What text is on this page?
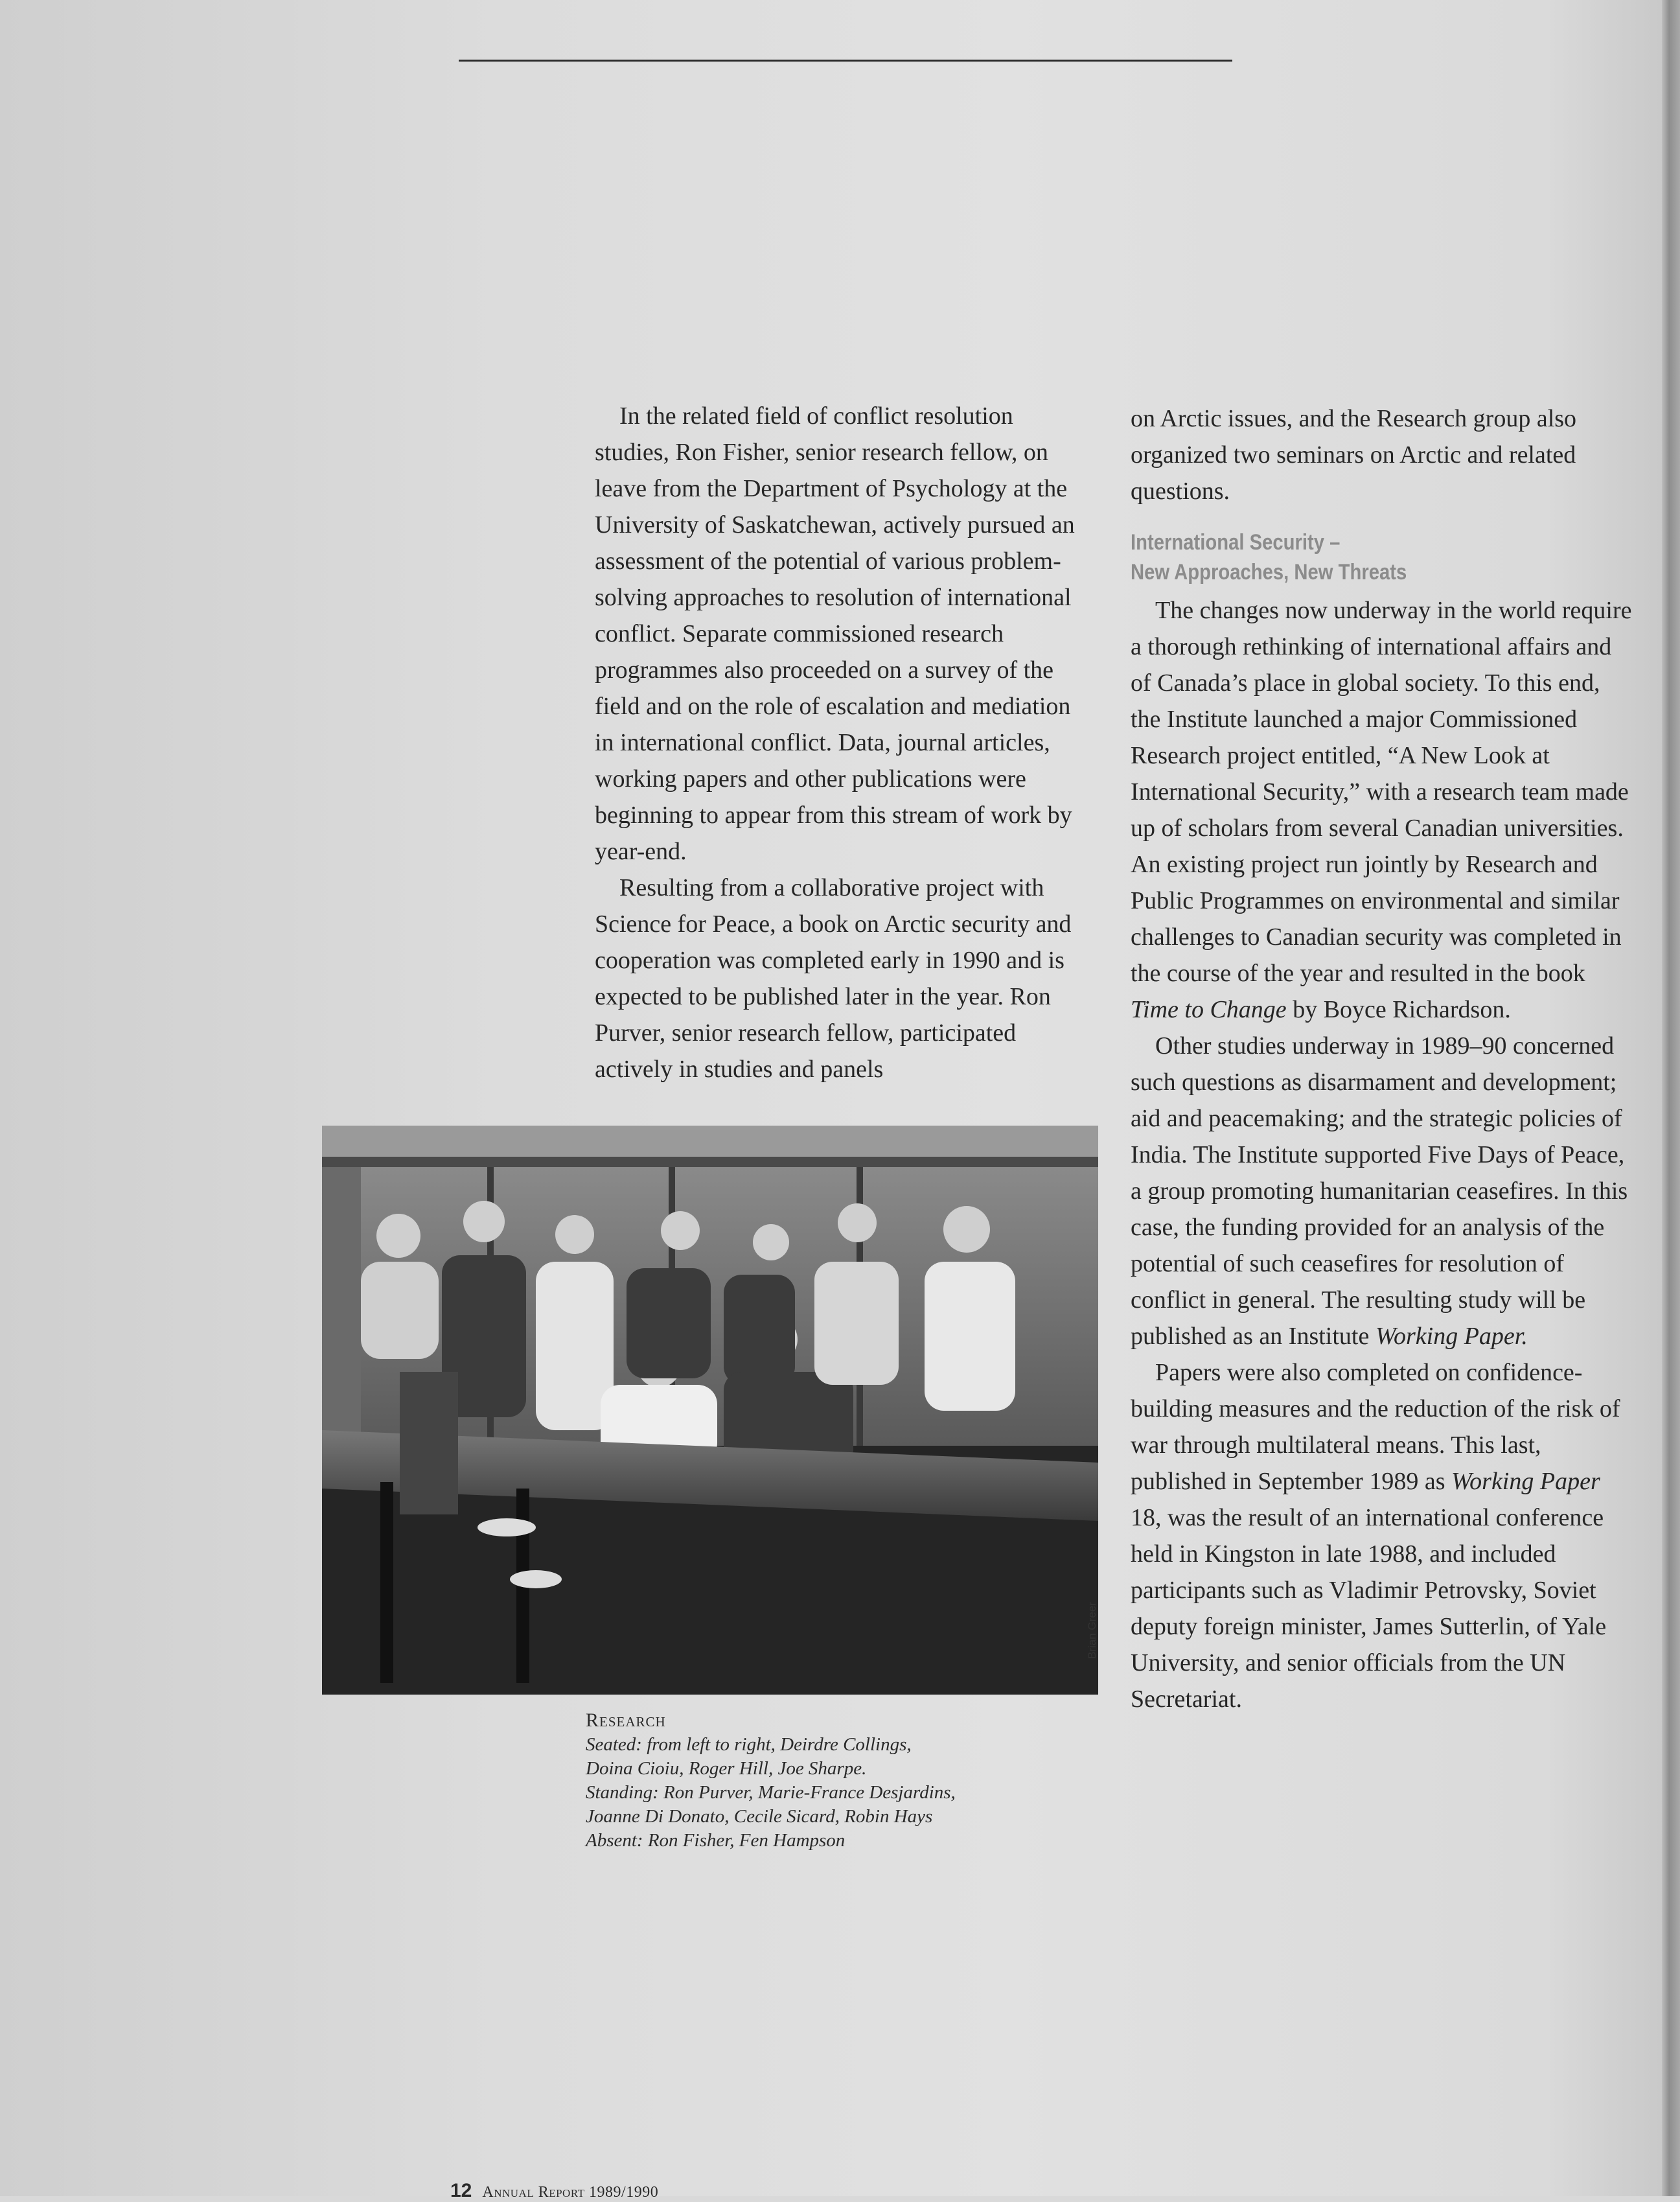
In the related field of conflict resolution studies, Ron Fisher, senior research fellow, on leave from the Department of Psychology at the University of Saskatchewan, actively pursued an assessment of the potential of various problem-solving approaches to resolution of international conflict. Separate commissioned research programmes also proceeded on a survey of the field and on the role of escalation and mediation in international conflict. Data, journal articles, working papers and other publications were beginning to appear from this stream of work by year-end.

Resulting from a collaborative project with Science for Peace, a book on Arctic security and cooperation was completed early in 1990 and is expected to be published later in the year. Ron Purver, senior research fellow, participated actively in studies and panels

on Arctic issues, and the Research group also organized two seminars on Arctic and related questions.

International Security –
New Approaches, New Threats

The changes now underway in the world require a thorough rethinking of international affairs and of Canada’s place in global society. To this end, the Institute launched a major Commissioned Research project entitled, “A New Look at International Security,” with a research team made up of scholars from several Canadian universities. An existing project run jointly by Research and Public Programmes on environmental and similar challenges to Canadian security was completed in the course of the year and resulted in the book Time to Change by Boyce Richardson.

Other studies underway in 1989–90 concerned such questions as disarmament and development; aid and peacemaking; and the strategic policies of India. The Institute supported Five Days of Peace, a group promoting humanitarian ceasefires. In this case, the funding provided for an analysis of the potential of such ceasefires for resolution of conflict in general. The resulting study will be published as an Institute Working Paper.

Papers were also completed on confidence-building measures and the reduction of the risk of war through multilateral means. This last, published in September 1989 as Working Paper 18, was the result of an international conference held in Kingston in late 1988, and included participants such as Vladimir Petrovsky, Soviet deputy foreign minister, James Sutterlin, of Yale University, and senior officials from the UN Secretariat.

Brian Greer
Research
Seated: from left to right, Deirdre Collings,
Doina Cioiu, Roger Hill, Joe Sharpe.
Standing: Ron Purver, Marie-France Desjardins,
Joanne Di Donato, Cecile Sicard, Robin Hays
Absent: Ron Fisher, Fen Hampson
12 Annual Report 1989/1990
